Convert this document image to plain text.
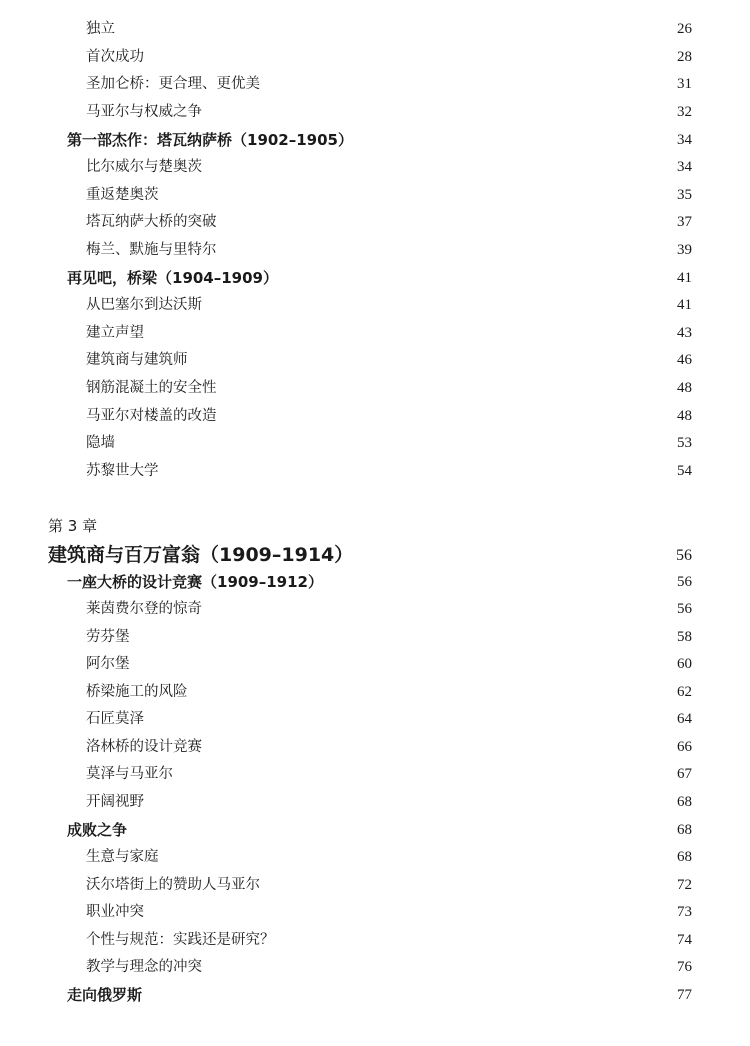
独立	26
首次成功	28
圣加仑桥：更合理、更优美	31
马亚尔与权威之争	32
第一部杰作：塔瓦纳萨桥（1902–1905）	34
比尔威尔与楚奥茨	34
重返楚奥茨	35
塔瓦纳萨大桥的突破	37
梅兰、默施与里特尔	39
再见吧，桥梁（1904–1909）	41
从巴塞尔到达沃斯	41
建立声望	43
建筑商与建筑师	46
钢筋混凝土的安全性	48
马亚尔对楼盖的改造	48
隐墙	53
苏黎世大学	54
第 3 章
建筑商与百万富翁（1909–1914）	56
一座大桥的设计竞赛（1909–1912）	56
莱茵费尔登的惊奇	56
劳芬堡	58
阿尔堡	60
桥梁施工的风险	62
石匠莫泽	64
洛林桥的设计竞赛	66
莫泽与马亚尔	67
开阔视野	68
成败之争	68
生意与家庭	68
沃尔塔街上的赞助人马亚尔	72
职业冲突	73
个性与规范：实践还是研究？	74
教学与理念的冲突	76
走向俄罗斯	77
